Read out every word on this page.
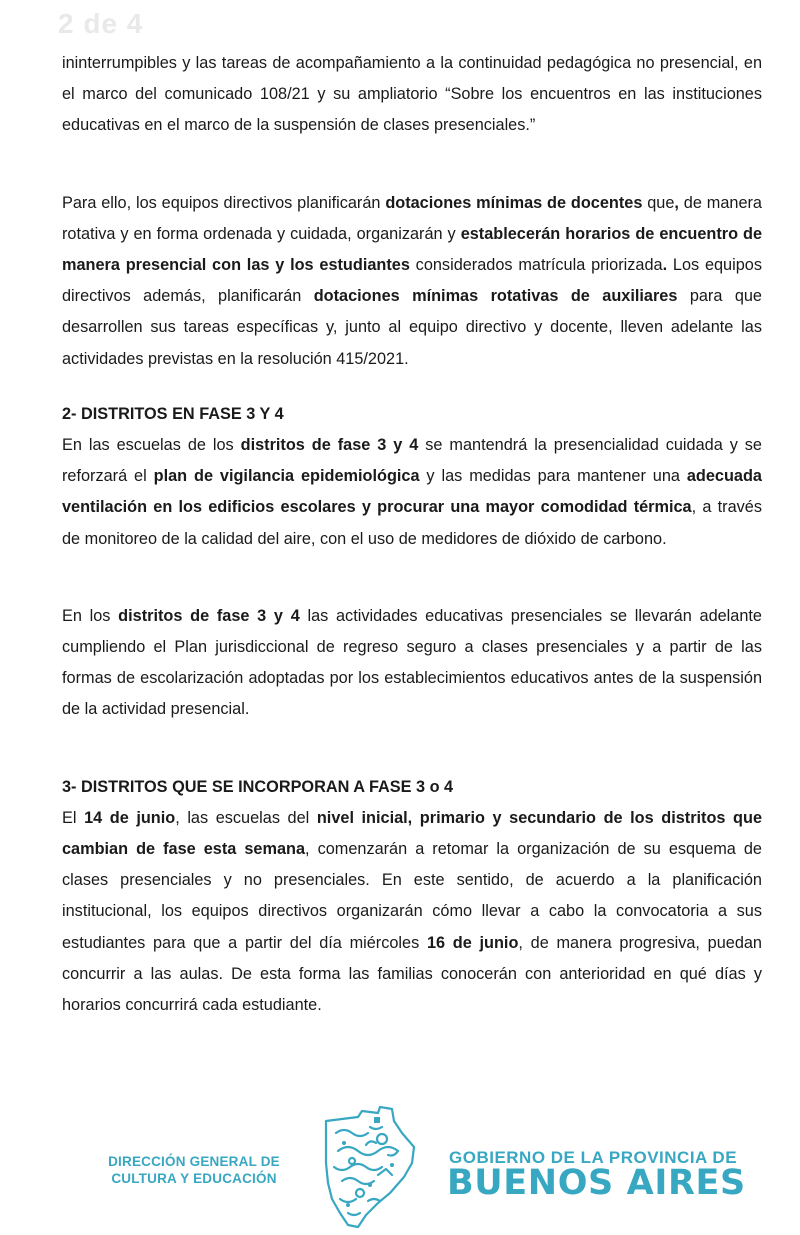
2 de 4

ininterrumpibles y las tareas de acompañamiento a la continuidad pedagógica no presencial, en el marco del comunicado 108/21 y su ampliatorio “Sobre los encuentros en las instituciones educativas en el marco de la suspensión de clases presenciales.”

Para ello, los equipos directivos planificarán dotaciones mínimas de docentes que, de manera rotativa y en forma ordenada y cuidada, organizarán y establecerán horarios de encuentro de manera presencial con las y los estudiantes considerados matrícula priorizada. Los equipos directivos además, planificarán dotaciones mínimas rotativas de auxiliares para que desarrollen sus tareas específicas y, junto al equipo directivo y docente, lleven adelante las actividades previstas en la resolución 415/2021.

2- DISTRITOS EN FASE 3 Y 4

En las escuelas de los distritos de fase 3 y 4 se mantendrá la presencialidad cuidada y se reforzará el plan de vigilancia epidemiológica y las medidas para mantener una adecuada ventilación en los edificios escolares y procurar una mayor comodidad térmica, a través de monitoreo de la calidad del aire, con el uso de medidores de dióxido de carbono.

En los distritos de fase 3 y 4 las actividades educativas presenciales se llevarán adelante cumpliendo el Plan jurisdiccional de regreso seguro a clases presenciales y a partir de las formas de escolarización adoptadas por los establecimientos educativos antes de la suspensión de la actividad presencial.

3- DISTRITOS QUE SE INCORPORAN A FASE 3 o 4

El 14 de junio, las escuelas del nivel inicial, primario y secundario de los distritos que cambian de fase esta semana, comenzarán a retomar la organización de su esquema de clases presenciales y no presenciales. En este sentido, de acuerdo a la planificación institucional, los equipos directivos organizarán cómo llevar a cabo la convocatoria a sus estudiantes para que a partir del día miércoles 16 de junio, de manera progresiva, puedan concurrir a las aulas. De esta forma las familias conocerán con anterioridad en qué días y horarios concurrirá cada estudiante.

DIRECCIÓN GENERAL DE
CULTURA Y EDUCACIÓN
GOBIERNO DE LA PROVINCIA DE
BUENOS AIRES
